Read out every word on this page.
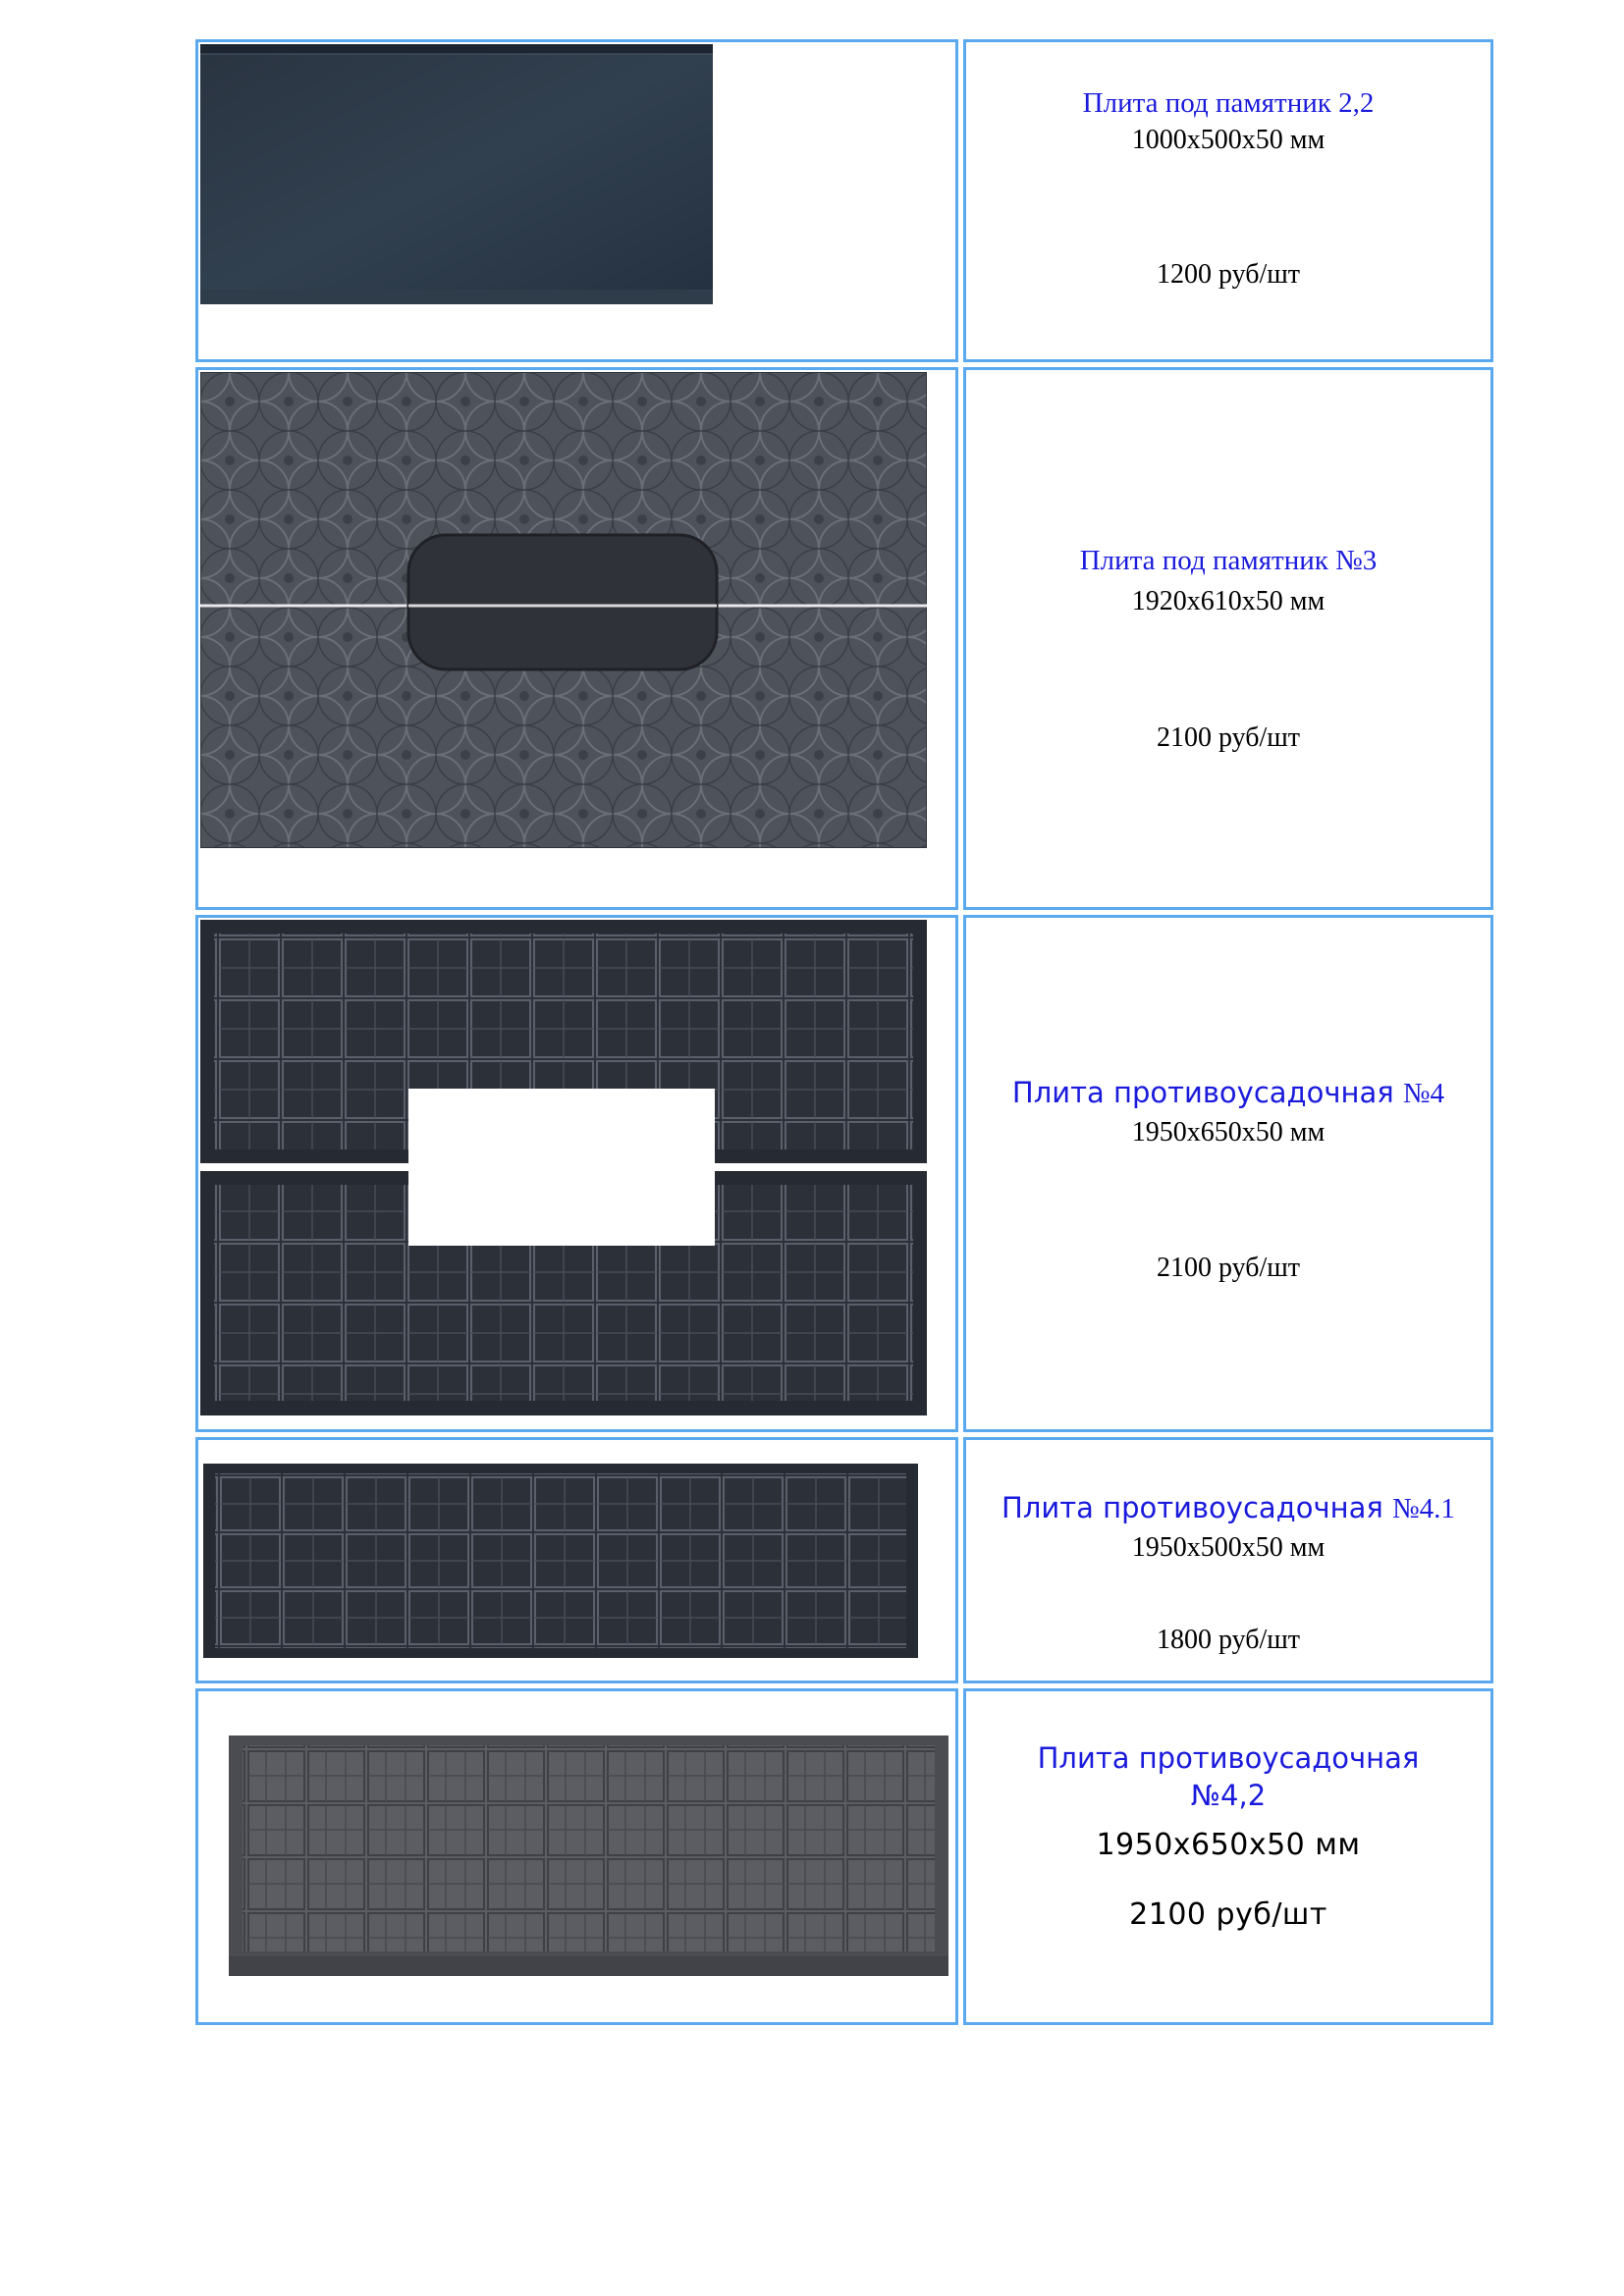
Плита под памятник 2,2
1000x500x50 мм
1200 руб/шт
Плита под памятник №3
1920x610x50 мм
2100 руб/шт
Плита противоусадочная №4
1950x650x50 мм
2100 руб/шт
Плита противоусадочная №4.1
1950x500x50 мм
1800 руб/шт
Плита противоусадочная
№4,2
1950x650x50 мм
2100 руб/шт
